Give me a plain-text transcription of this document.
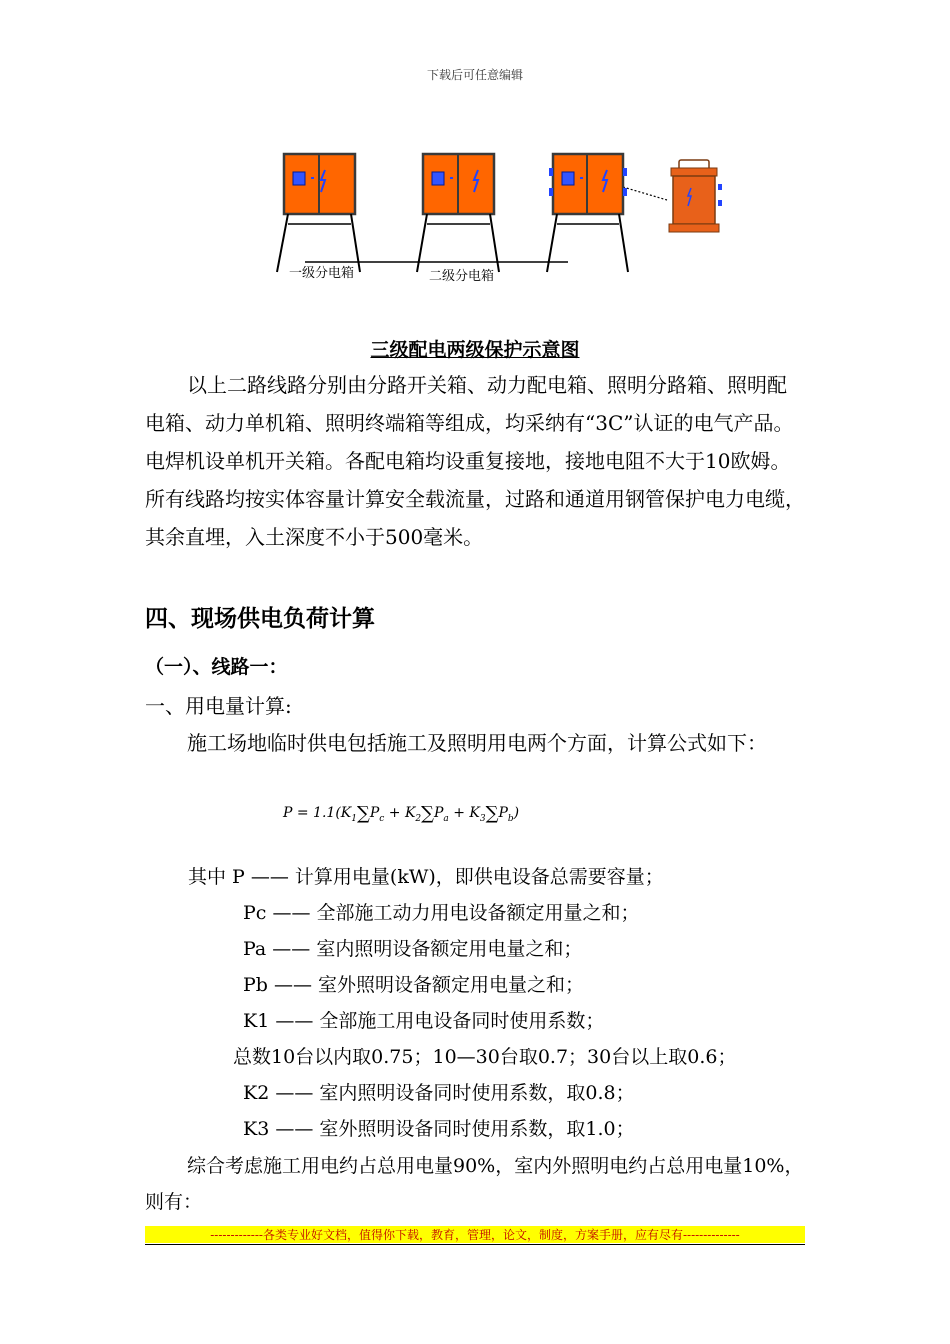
下载后可任意编辑
一级分电箱	二级分电箱
三级配电两级保护示意图
以上二路线路分别由分路开关箱、动力配电箱、照明分路箱、照明配电箱、动力单机箱、照明终端箱等组成，均采纳有“3C”认证的电气产品。电焊机设单机开关箱。各配电箱均设重复接地，接地电阻不大于10欧姆。所有线路均按实体容量计算安全载流量，过路和通道用钢管保护电力电缆，其余直埋，入土深度不小于500毫米。
四、现场供电负荷计算
（一）、线路一：
一、用电量计算:
施工场地临时供电包括施工及照明用电两个方面，计算公式如下：
$P = 1.1(K_1\sum P_c + K_2\sum P_a + K_3\sum P_b)$
其中 P —— 计算用电量(kW)，即供电设备总需要容量；
Pc —— 全部施工动力用电设备额定用量之和；
Pa —— 室内照明设备额定用电量之和；
Pb —— 室外照明设备额定用电量之和；
K1 —— 全部施工用电设备同时使用系数；
总数10台以内取0.75；10—30台取0.7；30台以上取0.6；
K2 —— 室内照明设备同时使用系数，取0.8；
K3 —— 室外照明设备同时使用系数，取1.0；
综合考虑施工用电约占总用电量90%，室内外照明电约占总用电量10%，则有：
-------------各类专业好文档，值得你下载，教育，管理，论文，制度，方案手册，应有尽有--------------
